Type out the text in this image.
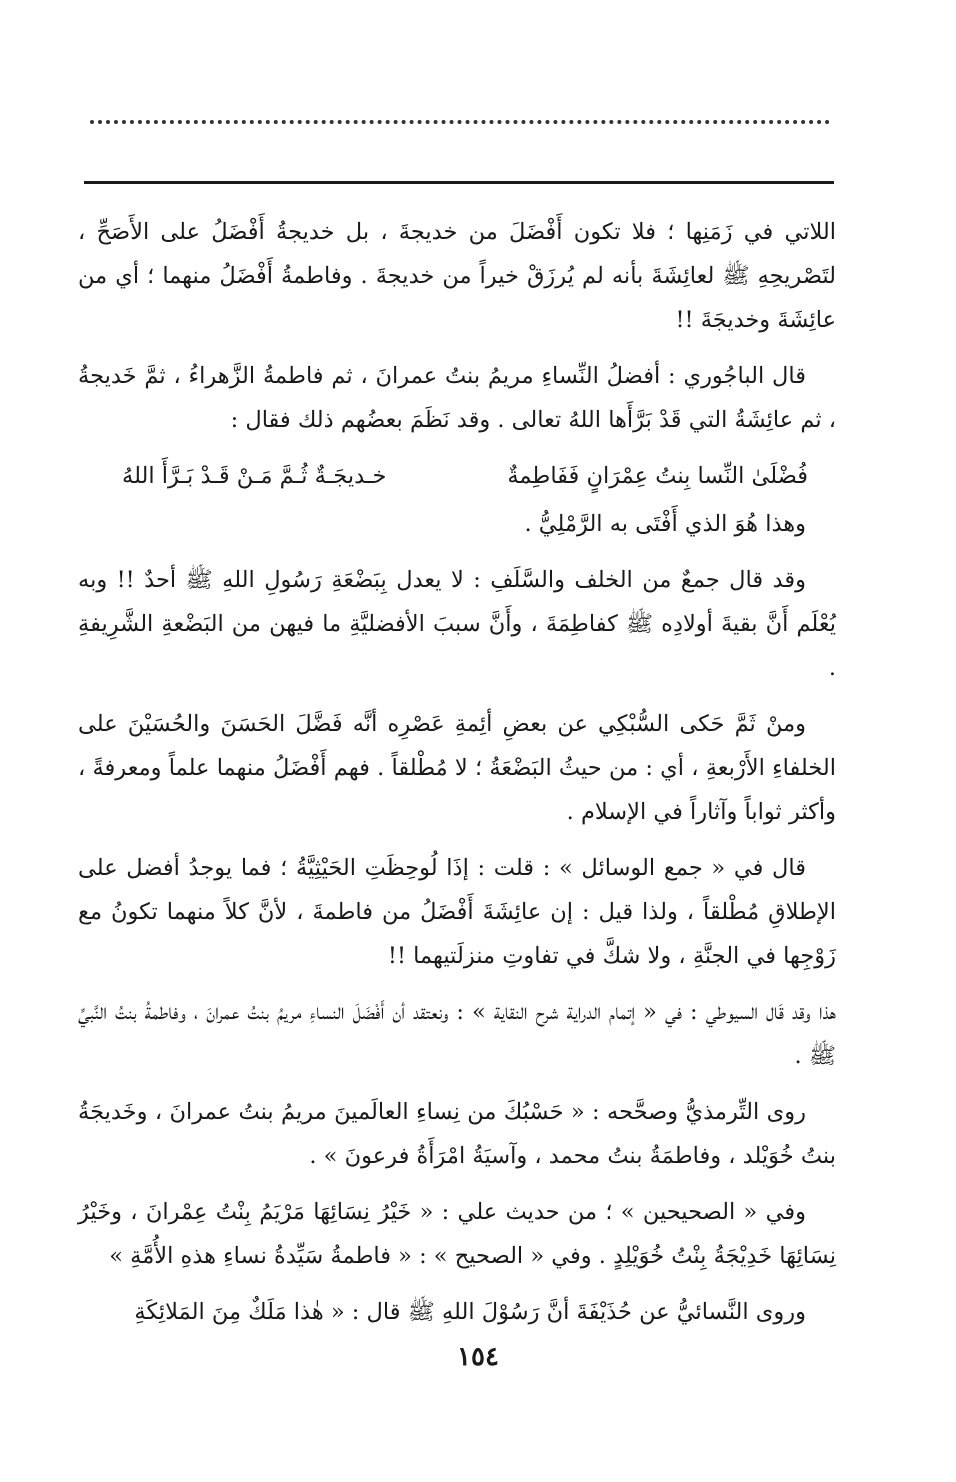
اللاتي في زَمَنِها ؛ فلا تكون أَفْضَلَ من خديجةَ ، بل خديجةُ أَفْضَلُ على الأَصَحِّ ، لتَصْريحِهِ ﷺ لعائِشَةَ بأنه لم يُرزَقْ خيراً من خديجةَ . وفاطمةُ أَفْضَلُ منهما ؛ أي من عائِشَةَ وخديجَةَ !!

قال الباجُوري : أفضلُ النِّساءِ مريمُ بنتُ عمرانَ ، ثم فاطمةُ الزَّهراءُ ، ثمَّ خَديجةُ ، ثم عائِشَةُ التي قَدْ بَرَّأَها اللهُ تعالى . وقد نَظَمَ بعضُهم ذلك فقال :

فُضْلَىٰ النِّسا بِنتُ عِمْرَانٍ فَفَاطِمةٌ
خـديجَـةٌ ثُـمَّ مَـنْ قَـدْ بَـرَّأَ اللهُ

وهذا هُوَ الذي أَفْتَى به الرَّمْلِيُّ .

وقد قال جمعٌ من الخلف والسَّلَفِ : لا يعدل بِبَضْعَةِ رَسُولِ اللهِ ﷺ أحدٌ !! وبه يُعْلَم أَنَّ بقيةَ أولادِه ﷺ كفاطِمَةَ ، وأَنَّ سببَ الأفضليَّةِ ما فيهن من البَضْعةِ الشَّرِيفةِ .

ومنْ ثَمَّ حَكى السُّبْكِي عن بعضِ أئِمةِ عَصْرِه أنَّه فَضَّلَ الحَسَنَ والحُسَيْنَ على الخلفاءِ الأَرْبعةِ ، أي : من حيثُ البَضْعَةُ ؛ لا مُطْلقاً . فهم أَفْضَلُ منهما علماً ومعرفةً ، وأكثر ثواباً وآثاراً في الإسلام .

قال في « جمع الوسائل » : قلت : إذَا لُوحِظَتِ الحَيْثِيَّةُ ؛ فما يوجدُ أفضل على الإطلاقِ مُطْلقاً ، ولذا قيل : إن عائِشَةَ أَفْضَلُ من فاطمةَ ، لأنَّ كلاً منهما تكونُ مع زَوْجِها في الجنَّةِ ، ولا شكَّ في تفاوتِ منزلَتيهما !!

هذا وقد قَال السيوطي : في « إتمام الدراية شرح النقاية » : ونعتقد أن أَفْضَلَ النساءِ مريمُ بنتُ عمرانَ ، وفاطمةُ بنتُ النَّبيِّ ﷺ .

روى التِّرمذيُّ وصحَّحه : « حَسْبُكَ من نِساءِ العالَمينَ مريمُ بنتُ عمرانَ ، وخَديجَةُ بنتُ خُوَيْلد ، وفاطمَةُ بنتُ محمد ، وآسيَةُ امْرَأَةُ فرعونَ » .

وفي « الصحيحين » ؛ من حديث علي : « خَيْرُ نِسَائِهَا مَرْيَمُ بِنْتُ عِمْرانَ ، وخَيْرُ نِسَائِهَا خَدِيْجَةُ بِنْتُ خُوَيْلِدٍ . وفي « الصحيح » : « فاطمةُ سَيِّدةُ نساءِ هذهِ الأُمَّةِ »

وروى النَّسائيُّ عن حُذَيْفَةَ أنَّ رَسُوْلَ اللهِ ﷺ قال : « هٰذا مَلَكٌ مِنَ المَلائِكَةِ

١٥٤
